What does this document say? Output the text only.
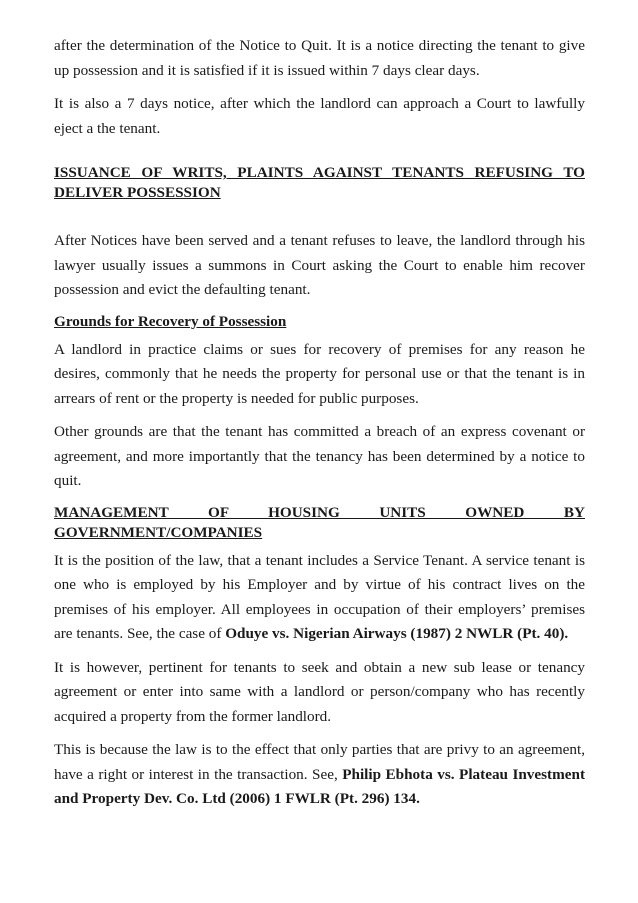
after the determination of the Notice to Quit. It is a notice directing the tenant to give up possession and it is satisfied if it is issued within 7 days clear days.

It is also a 7 days notice, after which the landlord can approach a Court to lawfully eject a the tenant.

ISSUANCE OF WRITS, PLAINTS AGAINST TENANTS REFUSING TO DELIVER POSSESSION

After Notices have been served and a tenant refuses to leave, the landlord through his lawyer usually issues a summons in Court asking the Court to enable him recover possession and evict the defaulting tenant.

Grounds for Recovery of Possession

A landlord in practice claims or sues for recovery of premises for any reason he desires, commonly that he needs the property for personal use or that the tenant is in arrears of rent or the property is needed for public purposes.

Other grounds are that the tenant has committed a breach of an express covenant or agreement, and more importantly that the tenancy has been determined by a notice to quit.

MANAGEMENT OF HOUSING UNITS OWNED BY GOVERNMENT/COMPANIES

It is the position of the law, that a tenant includes a Service Tenant. A service tenant is one who is employed by his Employer and by virtue of his contract lives on the premises of his employer. All employees in occupation of their employers’ premises are tenants. See, the case of Oduye vs. Nigerian Airways (1987) 2 NWLR (Pt. 40).

It is however, pertinent for tenants to seek and obtain a new sub lease or tenancy agreement or enter into same with a landlord or person/company who has recently acquired a property from the former landlord.

This is because the law is to the effect that only parties that are privy to an agreement, have a right or interest in the transaction. See, Philip Ebhota vs. Plateau Investment and Property Dev. Co. Ltd (2006) 1 FWLR (Pt. 296) 134.
